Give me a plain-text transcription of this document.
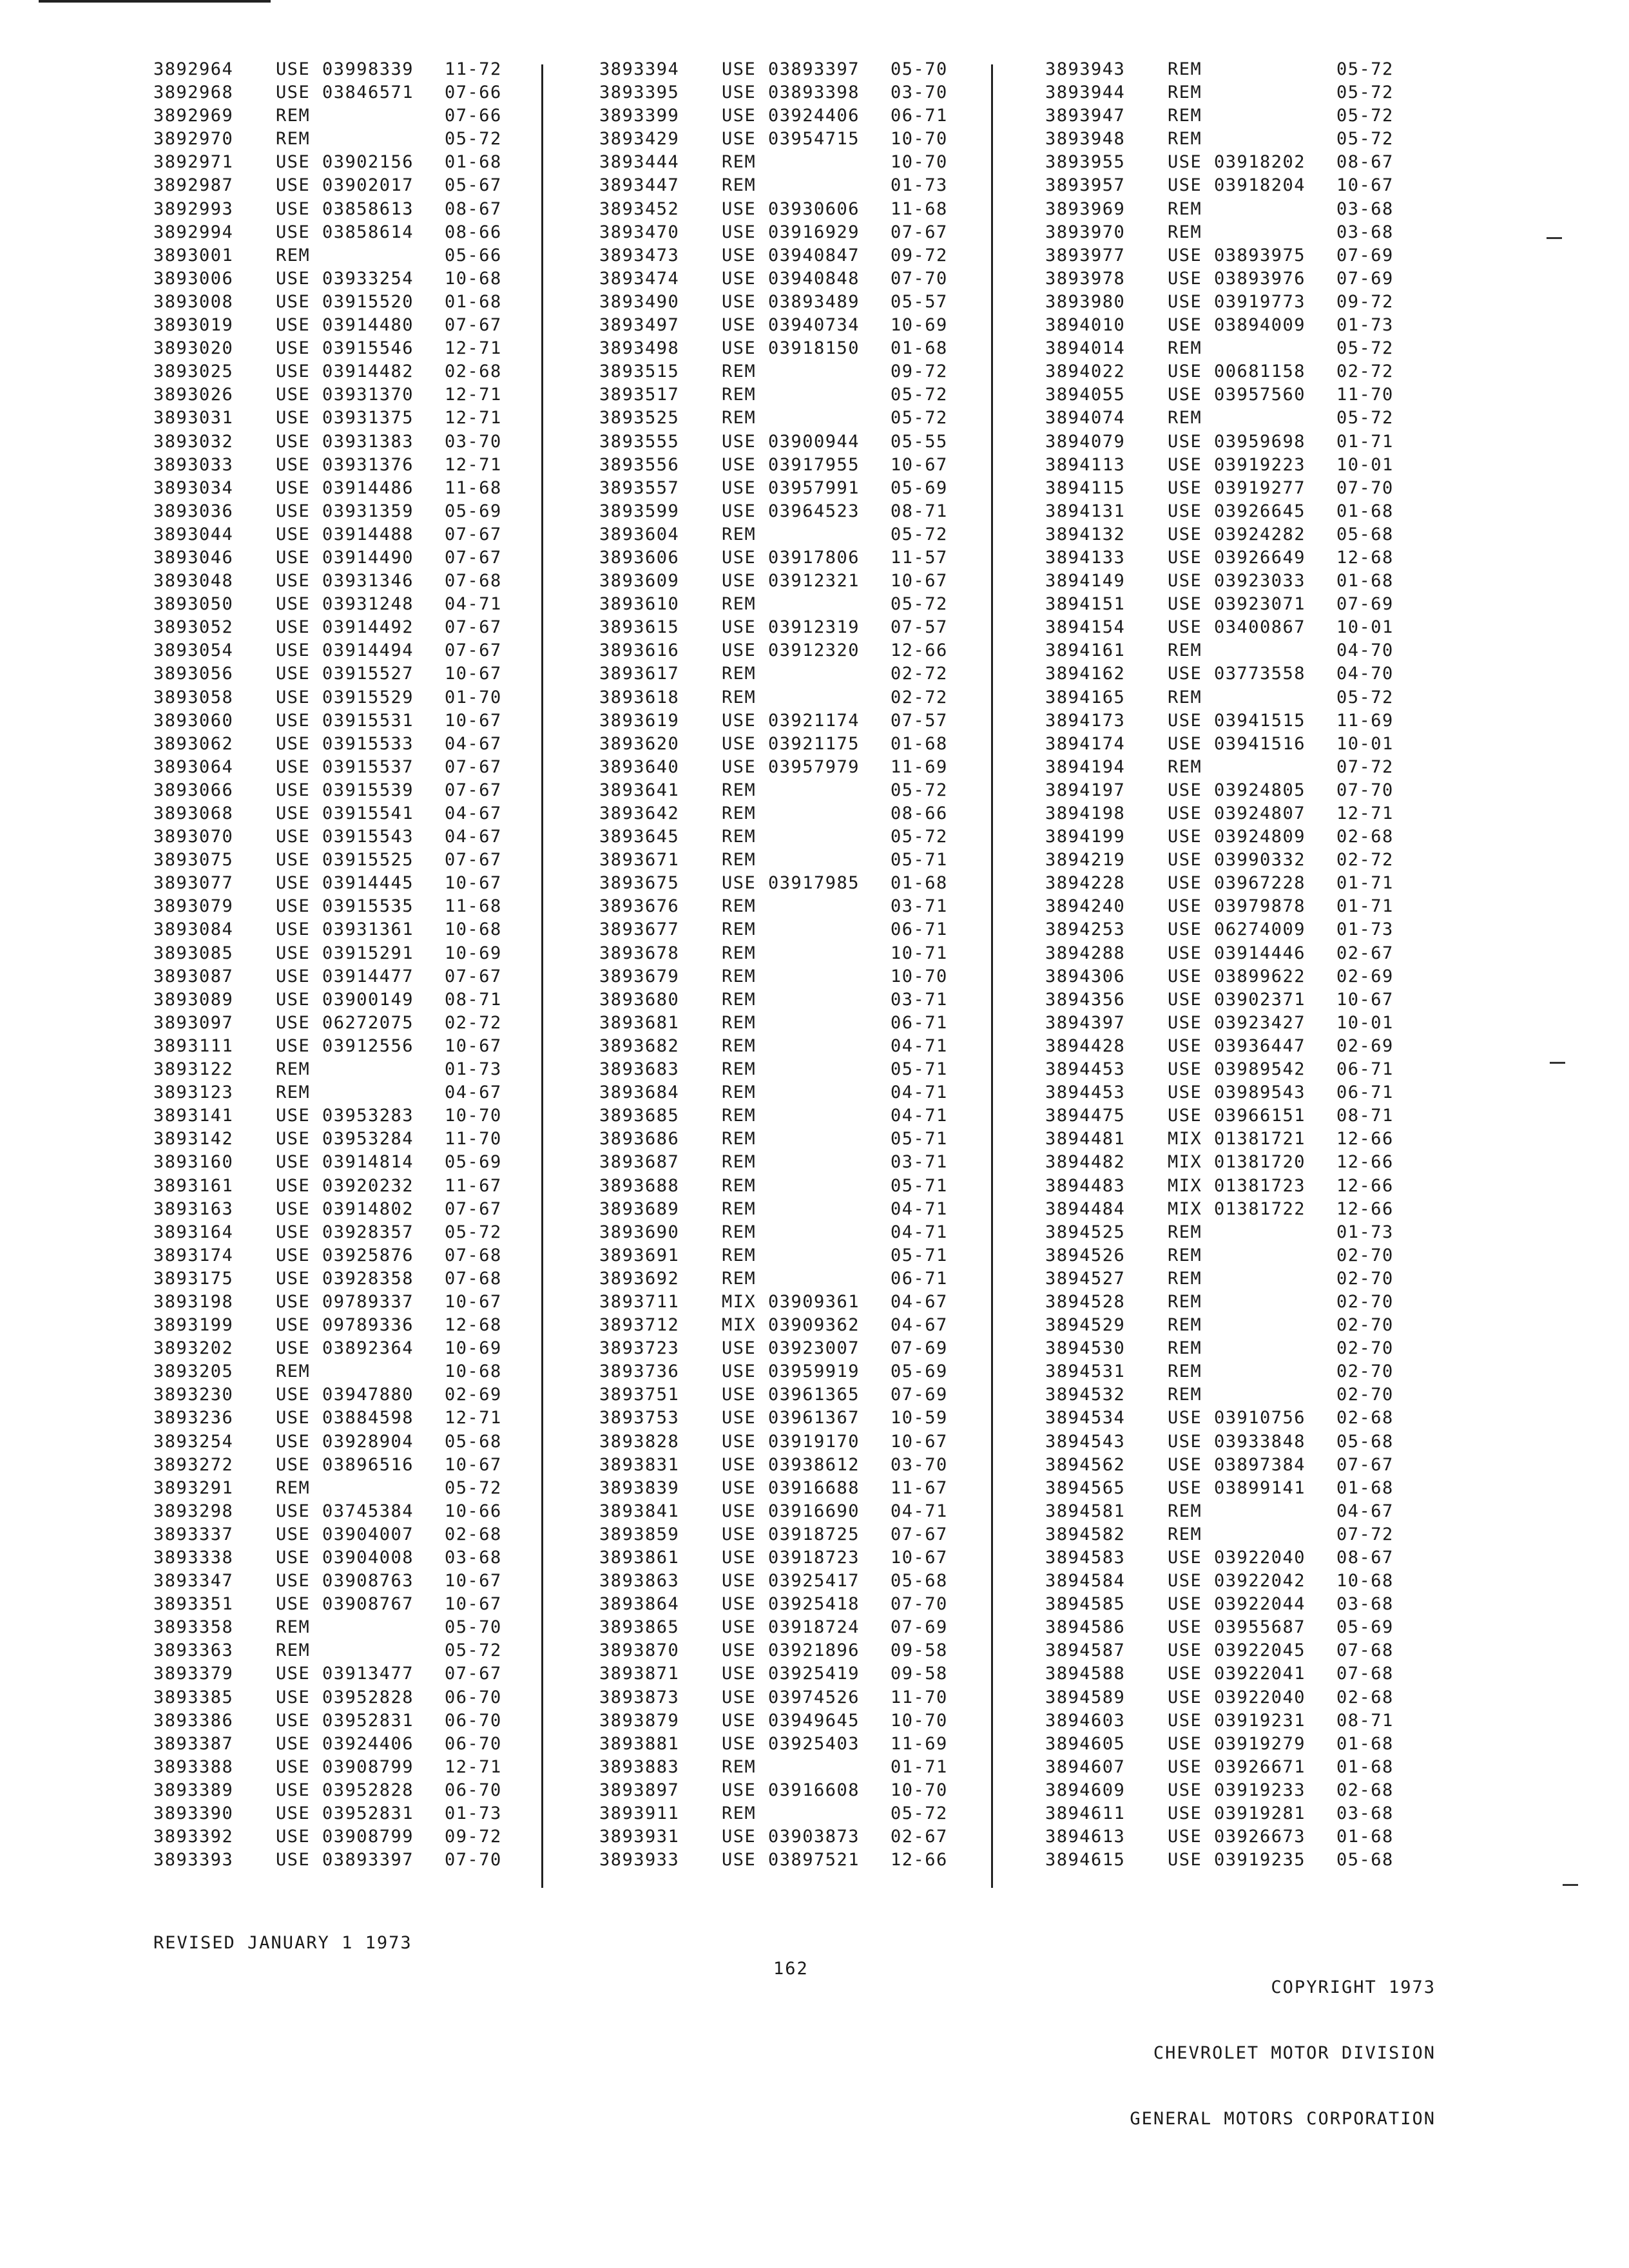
3892964 USE 03998339 11-72
3892968 USE 03846571 07-66
3892969 REM	07-66
3892970 REM	05-72
3892971 USE 03902156 01-68
3892987 USE 03902017 05-67
3892993 USE 03858613 08-67
3892994 USE 03858614 08-66
3893001 REM	05-66
3893006 USE 03933254 10-68
3893008 USE 03915520 01-68
3893019 USE 03914480 07-67
3893020 USE 03915546 12-71
3893025 USE 03914482 02-68
3893026 USE 03931370 12-71
3893031 USE 03931375 12-71
3893032 USE 03931383 03-70
3893033 USE 03931376 12-71
3893034 USE 03914486 11-68
3893036 USE 03931359 05-69
3893044 USE 03914488 07-67
3893046 USE 03914490 07-67
3893048 USE 03931346 07-68
3893050 USE 03931248 04-71
3893052 USE 03914492 07-67
3893054 USE 03914494 07-67
3893056 USE 03915527 10-67
3893058 USE 03915529 01-70
3893060 USE 03915531 10-67
3893062 USE 03915533 04-67
3893064 USE 03915537 07-67
3893066 USE 03915539 07-67
3893068 USE 03915541 04-67
3893070 USE 03915543 04-67
3893075 USE 03915525 07-67
3893077 USE 03914445 10-67
3893079 USE 03915535 11-68
3893084 USE 03931361 10-68
3893085 USE 03915291 10-69
3893087 USE 03914477 07-67
3893089 USE 03900149 08-71
3893097 USE 06272075 02-72
3893111 USE 03912556 10-67
3893122 REM	01-73
3893123 REM	04-67
3893141 USE 03953283 10-70
3893142 USE 03953284 11-70
3893160 USE 03914814 05-69
3893161 USE 03920232 11-67
3893163 USE 03914802 07-67
3893164 USE 03928357 05-72
3893174 USE 03925876 07-68
3893175 USE 03928358 07-68
3893198 USE 09789337 10-67
3893199 USE 09789336 12-68
3893202 USE 03892364 10-69
3893205 REM	10-68
3893230 USE 03947880 02-69
3893236 USE 03884598 12-71
3893254 USE 03928904 05-68
3893272 USE 03896516 10-67
3893291 REM	05-72
3893298 USE 03745384 10-66
3893337 USE 03904007 02-68
3893338 USE 03904008 03-68
3893347 USE 03908763 10-67
3893351 USE 03908767 10-67
3893358 REM	05-70
3893363 REM	05-72
3893379 USE 03913477 07-67
3893385 USE 03952828 06-70
3893386 USE 03952831 06-70
3893387 USE 03924406 06-70
3893388 USE 03908799 12-71
3893389 USE 03952828 06-70
3893390 USE 03952831 01-73
3893392 USE 03908799 09-72
3893393 USE 03893397 07-70
3893394 USE 03893397 05-70
3893395 USE 03893398 03-70
3893399 USE 03924406 06-71
3893429 USE 03954715 10-70
3893444 REM	10-70
3893447 REM	01-73
3893452 USE 03930606 11-68
3893470 USE 03916929 07-67
3893473 USE 03940847 09-72
3893474 USE 03940848 07-70
3893490 USE 03893489 05-57
3893497 USE 03940734 10-69
3893498 USE 03918150 01-68
3893515 REM	09-72
3893517 REM	05-72
3893525 REM	05-72
3893555 USE 03900944 05-55
3893556 USE 03917955 10-67
3893557 USE 03957991 05-69
3893599 USE 03964523 08-71
3893604 REM	05-72
3893606 USE 03917806 11-57
3893609 USE 03912321 10-67
3893610 REM	05-72
3893615 USE 03912319 07-57
3893616 USE 03912320 12-66
3893617 REM	02-72
3893618 REM	02-72
3893619 USE 03921174 07-57
3893620 USE 03921175 01-68
3893640 USE 03957979 11-69
3893641 REM	05-72
3893642 REM	08-66
3893645 REM	05-72
3893671 REM	05-71
3893675 USE 03917985 01-68
3893676 REM	03-71
3893677 REM	06-71
3893678 REM	10-71
3893679 REM	10-70
3893680 REM	03-71
3893681 REM	06-71
3893682 REM	04-71
3893683 REM	05-71
3893684 REM	04-71
3893685 REM	04-71
3893686 REM	05-71
3893687 REM	03-71
3893688 REM	05-71
3893689 REM	04-71
3893690 REM	04-71
3893691 REM	05-71
3893692 REM	06-71
3893711 MIX 03909361 04-67
3893712 MIX 03909362 04-67
3893723 USE 03923007 07-69
3893736 USE 03959919 05-69
3893751 USE 03961365 07-69
3893753 USE 03961367 10-59
3893828 USE 03919170 10-67
3893831 USE 03938612 03-70
3893839 USE 03916688 11-67
3893841 USE 03916690 04-71
3893859 USE 03918725 07-67
3893861 USE 03918723 10-67
3893863 USE 03925417 05-68
3893864 USE 03925418 07-70
3893865 USE 03918724 07-69
3893870 USE 03921896 09-58
3893871 USE 03925419 09-58
3893873 USE 03974526 11-70
3893879 USE 03949645 10-70
3893881 USE 03925403 11-69
3893883 REM	01-71
3893897 USE 03916608 10-70
3893911 REM	05-72
3893931 USE 03903873 02-67
3893933 USE 03897521 12-66
3893943 REM	05-72
3893944 REM	05-72
3893947 REM	05-72
3893948 REM	05-72
3893955 USE 03918202 08-67
3893957 USE 03918204 10-67
3893969 REM	03-68
3893970 REM	03-68
3893977 USE 03893975 07-69
3893978 USE 03893976 07-69
3893980 USE 03919773 09-72
3894010 USE 03894009 01-73
3894014 REM	05-72
3894022 USE 00681158 02-72
3894055 USE 03957560 11-70
3894074 REM	05-72
3894079 USE 03959698 01-71
3894113 USE 03919223 10-01
3894115 USE 03919277 07-70
3894131 USE 03926645 01-68
3894132 USE 03924282 05-68
3894133 USE 03926649 12-68
3894149 USE 03923033 01-68
3894151 USE 03923071 07-69
3894154 USE 03400867 10-01
3894161 REM	04-70
3894162 USE 03773558 04-70
3894165 REM	05-72
3894173 USE 03941515 11-69
3894174 USE 03941516 10-01
3894194 REM	07-72
3894197 USE 03924805 07-70
3894198 USE 03924807 12-71
3894199 USE 03924809 02-68
3894219 USE 03990332 02-72
3894228 USE 03967228 01-71
3894240 USE 03979878 01-71
3894253 USE 06274009 01-73
3894288 USE 03914446 02-67
3894306 USE 03899622 02-69
3894356 USE 03902371 10-67
3894397 USE 03923427 10-01
3894428 USE 03936447 02-69
3894453 USE 03989542 06-71
3894453 USE 03989543 06-71
3894475 USE 03966151 08-71
3894481 MIX 01381721 12-66
3894482 MIX 01381720 12-66
3894483 MIX 01381723 12-66
3894484 MIX 01381722 12-66
3894525 REM	01-73
3894526 REM	02-70
3894527 REM	02-70
3894528 REM	02-70
3894529 REM	02-70
3894530 REM	02-70
3894531 REM	02-70
3894532 REM	02-70
3894534 USE 03910756 02-68
3894543 USE 03933848 05-68
3894562 USE 03897384 07-67
3894565 USE 03899141 01-68
3894581 REM	04-67
3894582 REM	07-72
3894583 USE 03922040 08-67
3894584 USE 03922042 10-68
3894585 USE 03922044 03-68
3894586 USE 03955687 05-69
3894587 USE 03922045 07-68
3894588 USE 03922041 07-68
3894589 USE 03922040 02-68
3894603 USE 03919231 08-71
3894605 USE 03919279 01-68
3894607 USE 03926671 01-68
3894609 USE 03919233 02-68
3894611 USE 03919281 03-68
3894613 USE 03926673 01-68
3894615 USE 03919235 05-68
REVISED JANUARY 1 1973
162

COPYRIGHT 1973

CHEVROLET MOTOR DIVISION

GENERAL MOTORS CORPORATION
